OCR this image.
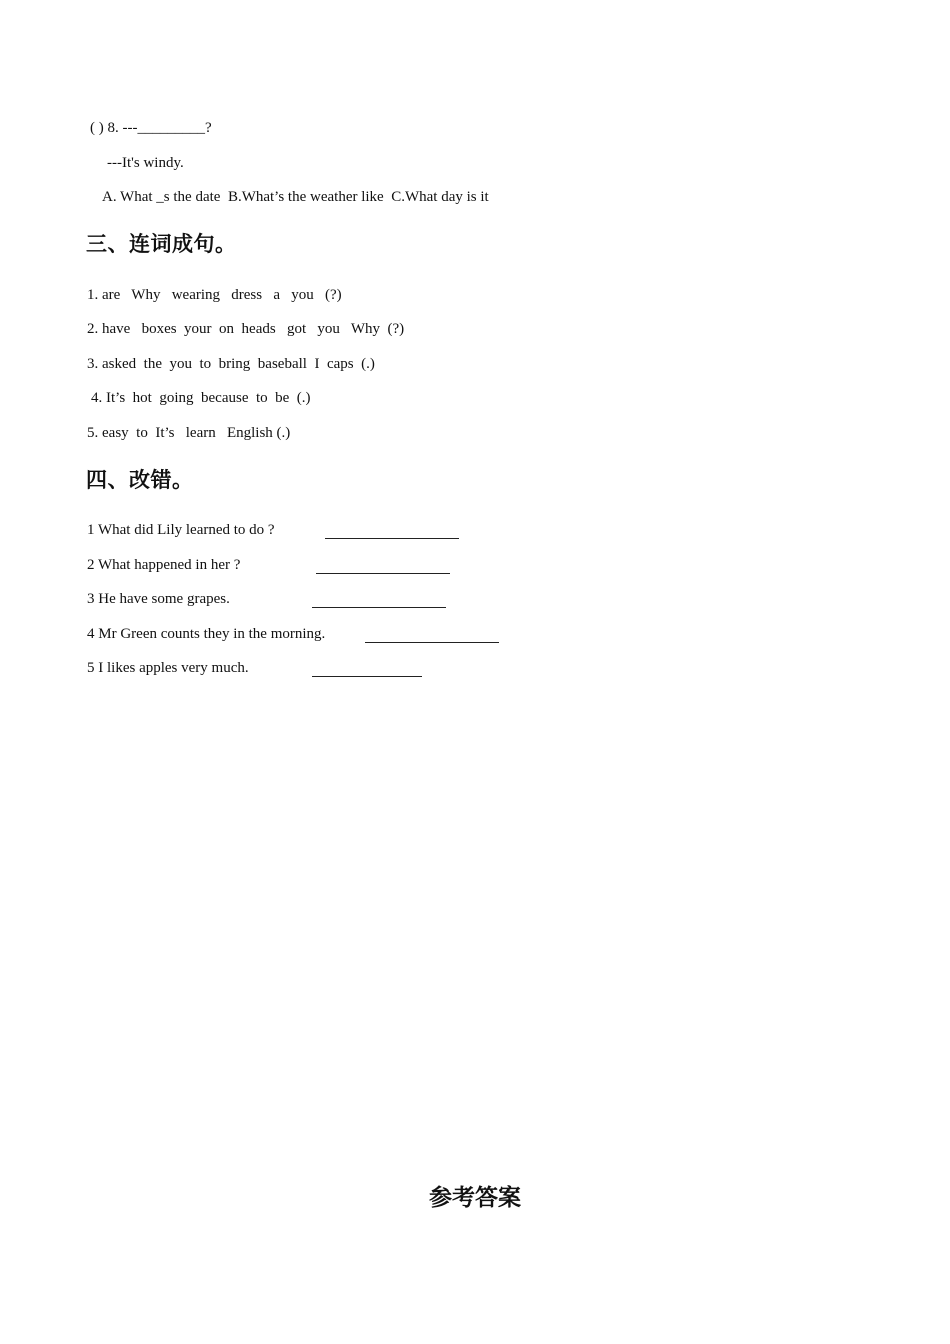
( ) 8. ---_________?
---It's windy.
A. What _s the date  B.What’s the weather like  C.What day is it
三、连词成句。
1. are   Why   wearing   dress   a   you   (?)
2. have   boxes  your  on  heads   got   you   Why  (?)
3. asked  the  you  to  bring  baseball  I  caps  (.)
4. It’s  hot  going  because  to  be  (.)
5. easy  to  It’s   learn   English (.)
四、改错。
1 What did Lily learned to do ?
2 What happened in her ?
3 He have some grapes.
4 Mr Green counts they in the morning.
5 I likes apples very much.
参考答案
